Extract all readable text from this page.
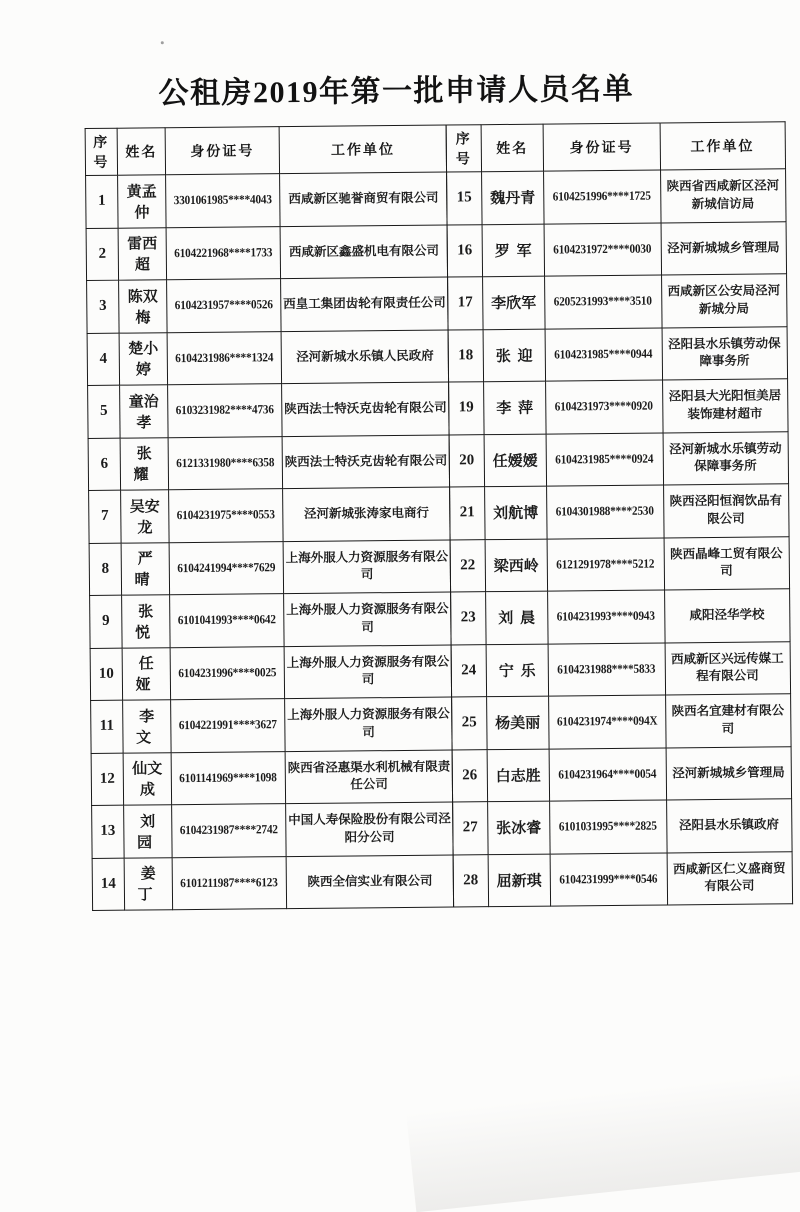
公租房2019年第一批申请人员名单
序号	姓名	身份证号	工作单位
1	黄孟仲	3301061985****4043	西咸新区驰誉商贸有限公司
2	雷西超	6104221968****1733	西咸新区鑫盛机电有限公司
3	陈双梅	6104231957****0526	西皇工集团齿轮有限责任公司
4	楚小婷	6104231986****1324	泾河新城水乐镇人民政府
5	童治孝	6103231982****4736	陕西法士特沃克齿轮有限公司
6	张耀	6121331980****6358	陕西法士特沃克齿轮有限公司
7	吴安龙	6104231975****0553	泾河新城张涛家电商行
8	严晴	6104241994****7629	上海外服人力资源服务有限公司
9	张悦	6101041993****0642	上海外服人力资源服务有限公司
10	任娅	6104231996****0025	上海外服人力资源服务有限公司
11	李文	6104221991****3627	上海外服人力资源服务有限公司
12	仙文成	6101141969****1098	陕西省泾惠渠水利机械有限责任公司
13	刘园	6104231987****2742	中国人寿保险股份有限公司泾阳分公司
14	姜丁	6101211987****6123	陕西全信实业有限公司
序号	姓名	身份证号	工作单位
15	魏丹青	6104251996****1725	陕西省西咸新区泾河新城信访局
16	罗军	6104231972****0030	泾河新城城乡管理局
17	李欣军	6205231993****3510	西咸新区公安局泾河新城分局
18	张迎	6104231985****0944	泾阳县水乐镇劳动保障事务所
19	李萍	6104231973****0920	泾阳县大光阳恒美居装饰建材超市
20	任嫒嫒	6104231985****0924	泾河新城水乐镇劳动保障事务所
21	刘航博	6104301988****2530	陕西泾阳恒润饮品有限公司
22	梁西岭	6121291978****5212	陕西晶峰工贸有限公司
23	刘晨	6104231993****0943	咸阳泾华学校
24	宁乐	6104231988****5833	西咸新区兴远传媒工程有限公司
25	杨美丽	6104231974****094X	陕西名宜建材有限公司
26	白志胜	6104231964****0054	泾河新城城乡管理局
27	张冰睿	6101031995****2825	泾阳县水乐镇政府
28	屈新琪	6104231999****0546	西咸新区仁义盛商贸有限公司
